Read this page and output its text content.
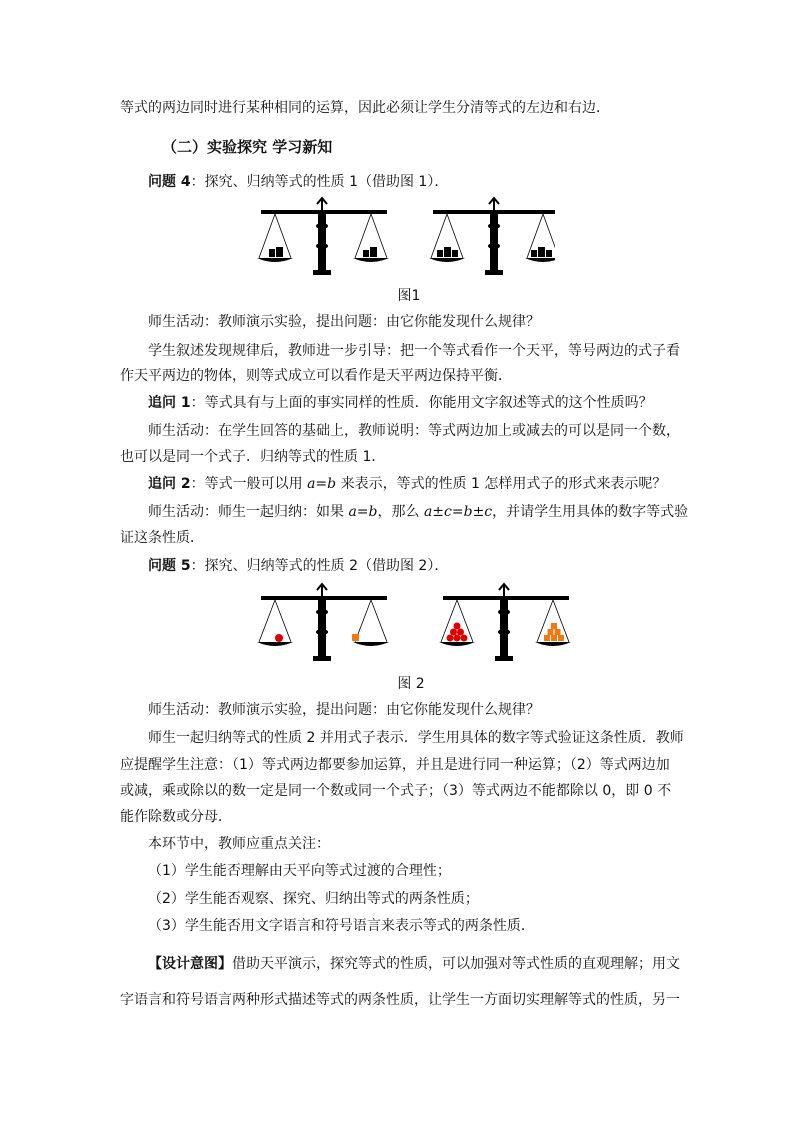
等式的两边同时进行某种相同的运算，因此必须让学生分清等式的左边和右边．
（二）实验探究 学习新知
问题 4：探究、归纳等式的性质 1（借助图 1）．
图1
师生活动：教师演示实验，提出问题：由它你能发现什么规律？
学生叙述发现规律后，教师进一步引导：把一个等式看作一个天平，等号两边的式子看
作天平两边的物体，则等式成立可以看作是天平两边保持平衡．
追问 1：等式具有与上面的事实同样的性质．你能用文字叙述等式的这个性质吗？
师生活动：在学生回答的基础上，教师说明：等式两边加上或减去的可以是同一个数，
也可以是同一个式子．归纳等式的性质 1．
追问 2：等式一般可以用 a=b 来表示，等式的性质 1 怎样用式子的形式来表示呢？
师生活动：师生一起归纳：如果 a=b，那么 a±c=b±c，并请学生用具体的数字等式验
证这条性质．
问题 5：探究、归纳等式的性质 2（借助图 2）．
图 2
师生活动：教师演示实验，提出问题：由它你能发现什么规律？
师生一起归纳等式的性质 2 并用式子表示．学生用具体的数字等式验证这条性质．教师
应提醒学生注意：（1）等式两边都要参加运算，并且是进行同一种运算；（2）等式两边加
或减，乘或除以的数一定是同一个数或同一个式子；（3）等式两边不能都除以 0，即 0 不
能作除数或分母．
本环节中，教师应重点关注：
（1）学生能否理解由天平向等式过渡的合理性；
（2）学生能否观察、探究、归纳出等式的两条性质；
（3）学生能否用文字语言和符号语言来表示等式的两条性质．
【设计意图】借助天平演示，探究等式的性质，可以加强对等式性质的直观理解；用文
字语言和符号语言两种形式描述等式的两条性质，让学生一方面切实理解等式的性质，另一
